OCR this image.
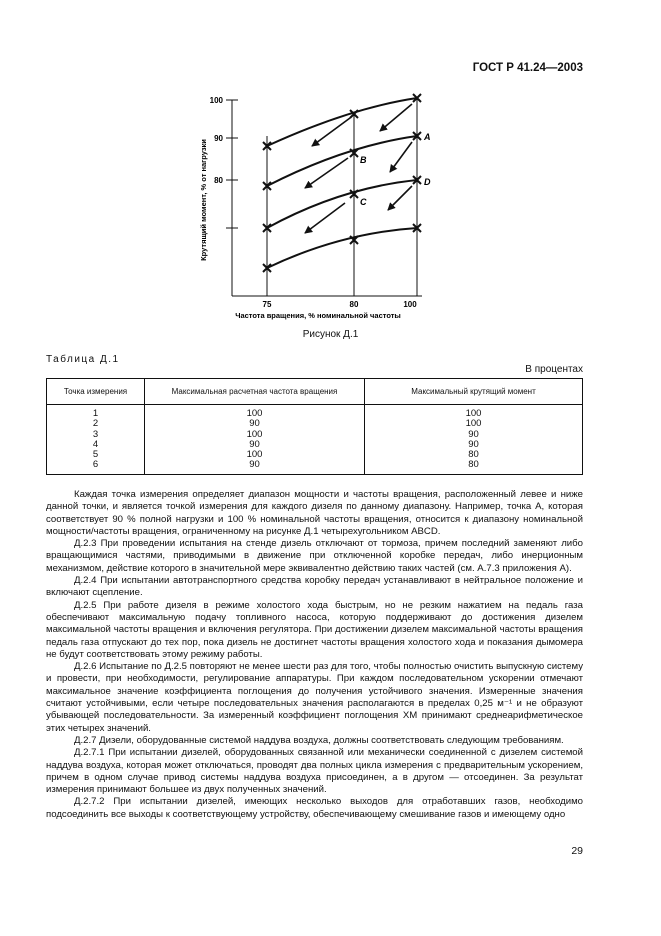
ГОСТ Р 41.24—2003
100
90
80
75	80	100
Частота вращения, % номинальной частоты
Крутящий момент, % от нагрузки
A
B
C
D
Рисунок Д.1
Таблица Д.1
В процентах
Точка измерения	Максимальная расчетная частота вращения	Максимальный крутящий момент
1	100	100
2	90	100
3	100	90
4	90	90
5	100	80
6	90	80

Каждая точка измерения определяет диапазон мощности и частоты вращения, расположенный левее и ниже данной точки, и является точкой измерения для каждого дизеля по данному диапазону. Например, точка A, которая соответствует 90 % полной нагрузки и 100 % номинальной частоты вращения, относится к диапазону номинальной мощности/частоты вращения, ограниченному на рисунке Д.1 четырехугольником ABCD.

Д.2.3 При проведении испытания на стенде дизель отключают от тормоза, причем последний заменяют либо вращающимися частями, приводимыми в движение при отключенной коробке передач, либо инерционным механизмом, действие которого в значительной мере эквивалентно действию таких частей (см. А.7.3 приложения А).

Д.2.4 При испытании автотранспортного средства коробку передач устанавливают в нейтральное положение и включают сцепление.

Д.2.5 При работе дизеля в режиме холостого хода быстрым, но не резким нажатием на педаль газа обеспечивают максимальную подачу топливного насоса, которую поддерживают до достижения дизелем максимальной частоты вращения и включения регулятора. При достижении дизелем максимальной частоты вращения педаль газа отпускают до тех пор, пока дизель не достигнет частоты вращения холостого хода и показания дымомера не будут соответствовать этому режиму работы.

Д.2.6 Испытание по Д.2.5 повторяют не менее шести раз для того, чтобы полностью очистить выпускную систему и провести, при необходимости, регулирование аппаратуры. При каждом последовательном ускорении отмечают максимальное значение коэффициента поглощения до получения устойчивого значения. Измеренные значения считают устойчивыми, если четыре последовательных значения располагаются в пределах 0,25 м⁻¹ и не образуют убывающей последовательности. За измеренный коэффициент поглощения XM принимают среднеарифметическое этих четырех значений.

Д.2.7 Дизели, оборудованные системой наддува воздуха, должны соответствовать следующим требованиям.

Д.2.7.1 При испытании дизелей, оборудованных связанной или механически соединенной с дизелем системой наддува воздуха, которая может отключаться, проводят два полных цикла измерения с предварительным ускорением, причем в одном случае привод системы наддува воздуха присоединен, а в другом — отсоединен. За результат измерения принимают большее из двух полученных значений.

Д.2.7.2 При испытании дизелей, имеющих несколько выходов для отработавших газов, необходимо подсоединить все выходы к соответствующему устройству, обеспечивающему смешивание газов и имеющему одно

29
